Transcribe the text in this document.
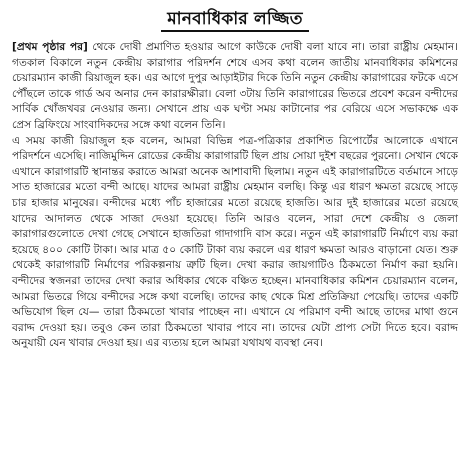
মানবাধিকার লজ্জিত

[প্রথম পৃষ্ঠার পর] থেকে দোষী প্রমাণিত হওয়ার আগে কাউকে দোষী বলা যাবে না। তারা রাষ্ট্রীয় মেহমান। গতকাল বিকালে নতুন কেন্দ্রীয় কারাগার পরিদর্শন শেষে এসব কথা বলেন জাতীয় মানবাধিকার কমিশনের চেয়ারম্যান কাজী রিয়াজুল হক। এর আগে দুপুর আড়াইটার দিকে তিনি নতুন কেন্দ্রীয় কারাগারের ফটকে এসে পৌঁছলে তাকে গার্ড অব অনার দেন কারারক্ষীরা। বেলা ৩টায় তিনি কারাগারের ভিতরে প্রবেশ করেন বন্দীদের সার্বিক খোঁজখবর নেওয়ার জন্য। সেখানে প্রায় এক ঘণ্টা সময় কাটানোর পর বেরিয়ে এসে সভাকক্ষে এক প্রেস ব্রিফিংয়ে সাংবাদিকদের সঙ্গে কথা বলেন তিনি।

এ সময় কাজী রিয়াজুল হক বলেন, আমরা বিভিন্ন পত্র-পত্রিকার প্রকাশিত রিপোর্টের আলোকে এখানে পরিদর্শনে এসেছি। নাজিমুদ্দিন রোডের কেন্দ্রীয় কারাগারটি ছিল প্রায় সোয়া দুইশ বছরের পুরনো। সেখান থেকে এখানে কারাগারটি স্থানান্তর করাতে আমরা অনেক আশাবাদী ছিলাম। নতুন এই কারাগারটিতে বর্তমানে সাড়ে সাত হাজারের মতো বন্দী আছে। যাদের আমরা রাষ্ট্রীয় মেহমান বলছি। কিন্তু এর ধারণ ক্ষমতা রয়েছে সাড়ে চার হাজার মানুষের। বন্দীদের মধ্যে পাঁচ হাজারের মতো রয়েছে হাজতি। আর দুই হাজারের মতো রয়েছে যাদের আদালত থেকে সাজা দেওয়া হয়েছে। তিনি আরও বলেন, সারা দেশে কেন্দ্রীয় ও জেলা কারাগারগুলোতে দেখা গেছে সেখানে হাজতিরা গাদাগাদি বাস করে। নতুন এই কারাগারটি নির্মাণে ব্যয় করা হয়েছে ৪০০ কোটি টাকা। আর মাত্র ৫০ কোটি টাকা ব্যয় করলে এর ধারণ ক্ষমতা আরও বাড়ানো যেত। শুরু থেকেই কারাগারটি নির্মাণের পরিকল্পনায় ত্রুটি ছিল। দেখা করার জায়গাটিও ঠিকমতো নির্মাণ করা হয়নি। বন্দীদের স্বজনরা তাদের দেখা করার অধিকার থেকে বঞ্চিত হচ্ছেন। মানবাধিকার কমিশন চেয়ারম্যান বলেন, আমরা ভিতরে গিয়ে বন্দীদের সঙ্গে কথা বলেছি। তাদের কাছ থেকে মিশ্র প্রতিক্রিয়া পেয়েছি। তাদের একটি অভিযোগ ছিল যে— তারা ঠিকমতো খাবার পাচ্ছেন না। এখানে যে পরিমাণ বন্দী আছে তাদের মাথা গুনে বরাদ্দ দেওয়া হয়। তবুও কেন তারা ঠিকমতো খাবার পাবে না। তাদের যেটা প্রাপ্য সেটা দিতে হবে। বরাদ্দ অনুযায়ী যেন খাবার দেওয়া হয়। এর ব্যত্যয় হলে আমরা যথাযথ ব্যবস্থা নেব।
